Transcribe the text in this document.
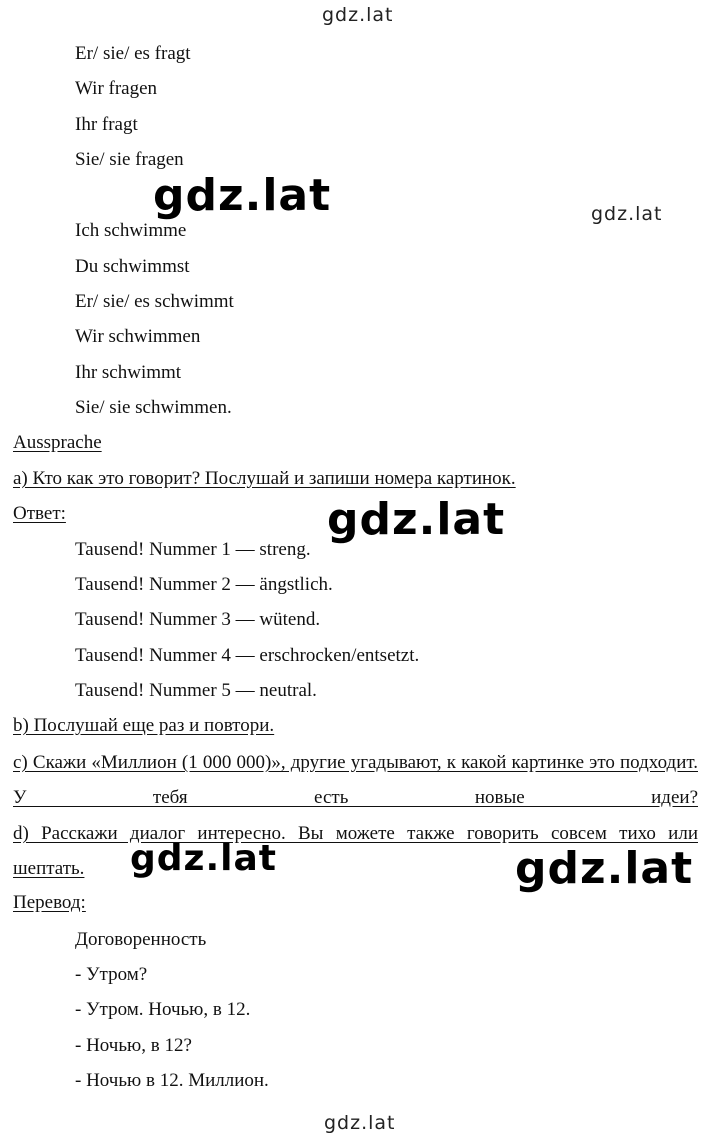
gdz.lat
gdz.lat	gdz.lat
gdz.lat
gdz.lat	gdz.lat
gdz.lat
Er/ sie/ es fragt
Wir fragen
Ihr fragt
Sie/ sie fragen
Ich schwimme
Du schwimmst
Er/ sie/ es schwimmt
Wir schwimmen
Ihr schwimmt
Sie/ sie schwimmen.
Aussprache
a) Кто как это говорит? Послушай и запиши номера картинок.
Ответ:
Tausend! Nummer 1 — streng.
Tausend! Nummer 2 — ängstlich.
Tausend! Nummer 3 — wütend.
Tausend! Nummer 4 — erschrocken/entsetzt.
Tausend! Nummer 5 — neutral.
b) Послушай еще раз и повтори.
c) Скажи «Миллион (1 000 000)», другие угадывают, к какой картинке это подходит. У тебя есть новые идеи?
d) Расскажи диалог интересно. Вы можете также говорить совсем тихо или шептать.
Перевод:
Договоренность
- Утром?
- Утром. Ночью, в 12.
- Ночью, в 12?
- Ночью в 12. Миллион.
